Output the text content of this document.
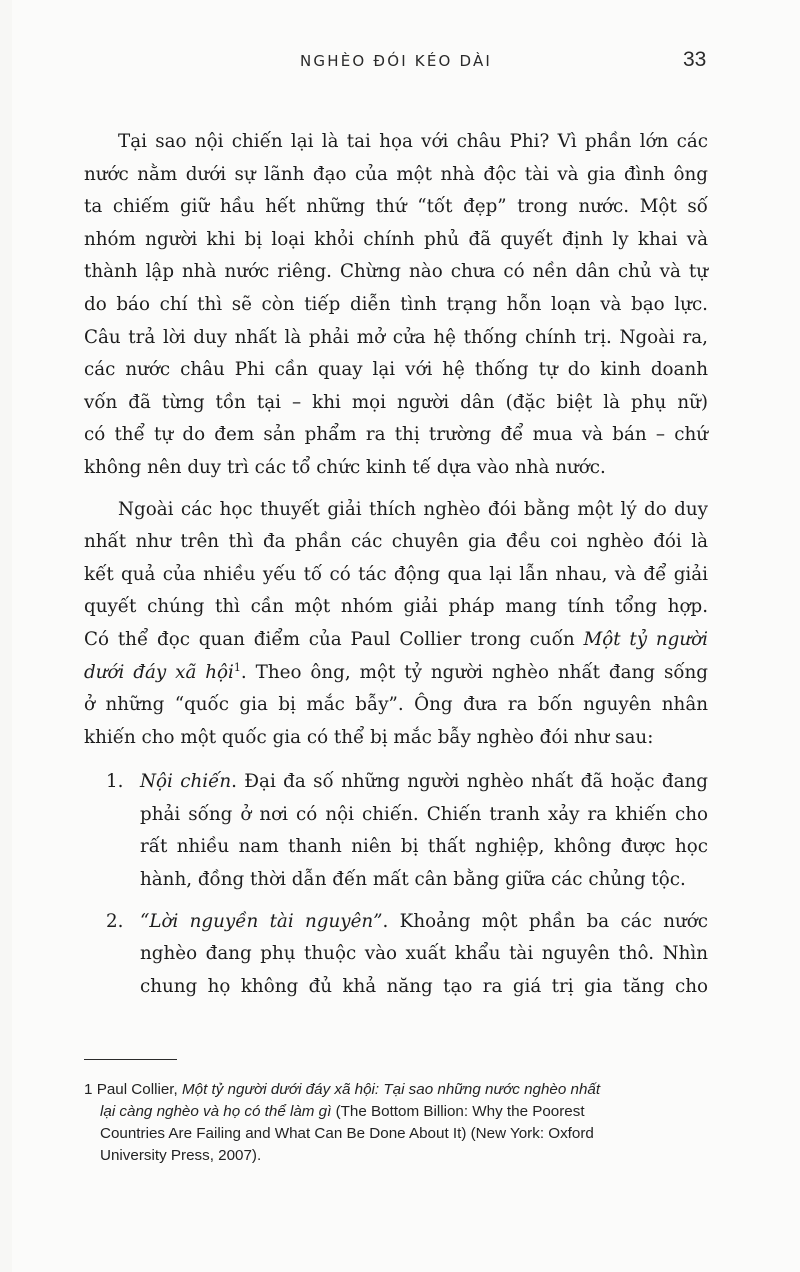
NGHÈO ĐÓI KÉO DÀI	33

Tại sao nội chiến lại là tai họa với châu Phi? Vì phần lớn các
nước nằm dưới sự lãnh đạo của một nhà độc tài và gia đình ông
ta chiếm giữ hầu hết những thứ “tốt đẹp” trong nước. Một số
nhóm người khi bị loại khỏi chính phủ đã quyết định ly khai và
thành lập nhà nước riêng. Chừng nào chưa có nền dân chủ và tự
do báo chí thì sẽ còn tiếp diễn tình trạng hỗn loạn và bạo lực.
Câu trả lời duy nhất là phải mở cửa hệ thống chính trị. Ngoài ra,
các nước châu Phi cần quay lại với hệ thống tự do kinh doanh
vốn đã từng tồn tại – khi mọi người dân (đặc biệt là phụ nữ)
có thể tự do đem sản phẩm ra thị trường để mua và bán – chứ
không nên duy trì các tổ chức kinh tế dựa vào nhà nước.

Ngoài các học thuyết giải thích nghèo đói bằng một lý do duy
nhất như trên thì đa phần các chuyên gia đều coi nghèo đói là
kết quả của nhiều yếu tố có tác động qua lại lẫn nhau, và để giải
quyết chúng thì cần một nhóm giải pháp mang tính tổng hợp.
Có thể đọc quan điểm của Paul Collier trong cuốn Một tỷ người
dưới đáy xã hội$^1$. Theo ông, một tỷ người nghèo nhất đang sống
ở những “quốc gia bị mắc bẫy”. Ông đưa ra bốn nguyên nhân
khiến cho một quốc gia có thể bị mắc bẫy nghèo đói như sau:

1. Nội chiến. Đại đa số những người nghèo nhất đã hoặc đang
phải sống ở nơi có nội chiến. Chiến tranh xảy ra khiến cho
rất nhiều nam thanh niên bị thất nghiệp, không được học
hành, đồng thời dẫn đến mất cân bằng giữa các chủng tộc.
2. “Lời nguyền tài nguyên”. Khoảng một phần ba các nước
nghèo đang phụ thuộc vào xuất khẩu tài nguyên thô. Nhìn
chung họ không đủ khả năng tạo ra giá trị gia tăng cho
1 Paul Collier, Một tỷ người dưới đáy xã hội: Tại sao những nước nghèo nhất
lại càng nghèo và họ có thể làm gì (The Bottom Billion: Why the Poorest
Countries Are Failing and What Can Be Done About It) (New York: Oxford
University Press, 2007).
